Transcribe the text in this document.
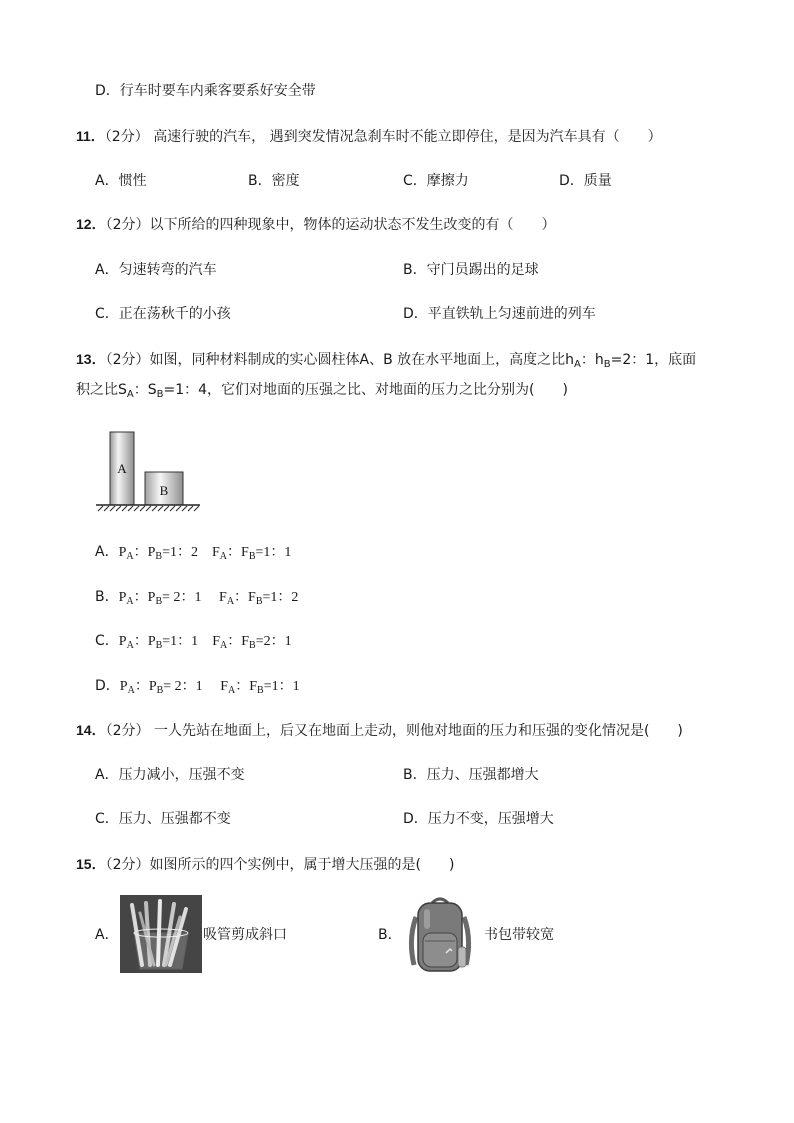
D．行车时要车内乘客要系好安全带
11．（2分） 高速行驶的汽车， 遇到突发情况急刹车时不能立即停住，是因为汽车具有（　　）
A．惯性	B．密度	C．摩擦力	D．质量
12．（2分）以下所给的四种现象中，物体的运动状态不发生改变的有（　　）
A．匀速转弯的汽车	B．守门员踢出的足球
C．正在荡秋千的小孩	D．平直铁轨上匀速前进的列车
13．（2分）如图，同种材料制成的实心圆柱体A、B 放在水平地面上，高度之比$h_A$：$h_B=2$：1，底面
积之比$S_A$：$S_B=1$：4，它们对地面的压强之比、对地面的压力之比分别为(　　)
A
B
A．$P_A$：$P_B=1$：2 $F_A$：$F_B=1$：1
B．$P_A$：$P_B= 2$：1 $F_A$：$F_B=1$：2
C．$P_A$：$P_B=1$：1 $F_A$：$F_B=2$：1
D．$P_A$：$P_B= 2$：1 $F_A$：$F_B=1$：1
14．（2分） 一人先站在地面上，后又在地面上走动，则他对地面的压力和压强的变化情况是(　　)
A．压力减小，压强不变	B．压力、压强都增大
C．压力、压强都不变	D．压力不变，压强增大
15．（2分）如图所示的四个实例中，属于增大压强的是(　　)
A．	吸管剪成斜口	B．	书包带较宽
